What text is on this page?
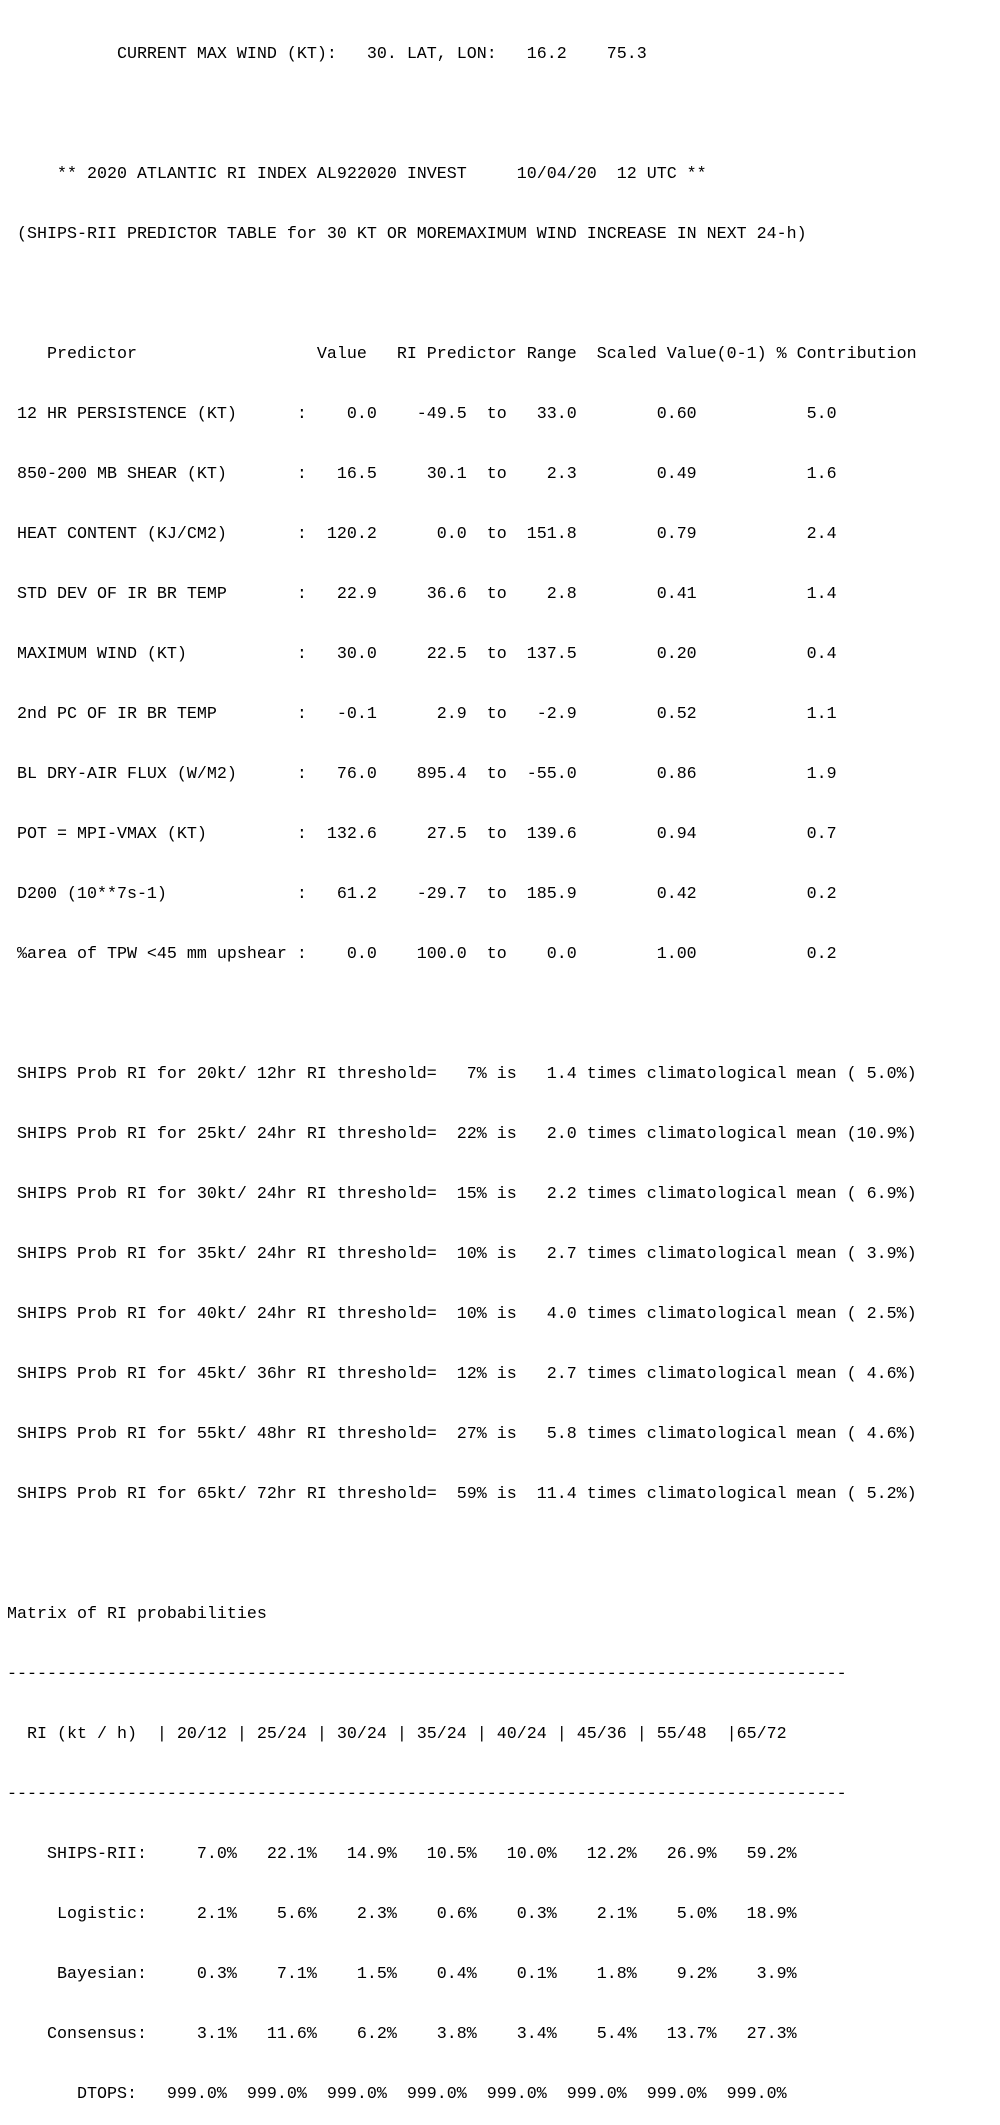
CURRENT MAX WIND (KT):   30. LAT, LON:   16.2    75.3

** 2020 ATLANTIC RI INDEX AL922020 INVEST     10/04/20  12 UTC **

(SHIPS-RII PREDICTOR TABLE for 30 KT OR MOREMAXIMUM WIND INCREASE IN NEXT 24-h)

Predictor                  Value   RI Predictor Range  Scaled Value(0-1) % Contribution

12 HR PERSISTENCE (KT)      :    0.0    -49.5  to   33.0        0.60           5.0

850-200 MB SHEAR (KT)       :   16.5     30.1  to    2.3        0.49           1.6

HEAT CONTENT (KJ/CM2)       :  120.2      0.0  to  151.8        0.79           2.4

STD DEV OF IR BR TEMP       :   22.9     36.6  to    2.8        0.41           1.4

MAXIMUM WIND (KT)           :   30.0     22.5  to  137.5        0.20           0.4

2nd PC OF IR BR TEMP        :   -0.1      2.9  to   -2.9        0.52           1.1

BL DRY-AIR FLUX (W/M2)      :   76.0    895.4  to  -55.0        0.86           1.9

POT = MPI-VMAX (KT)         :  132.6     27.5  to  139.6        0.94           0.7

D200 (10**7s-1)             :   61.2    -29.7  to  185.9        0.42           0.2

%area of TPW <45 mm upshear :    0.0    100.0  to    0.0        1.00           0.2

SHIPS Prob RI for 20kt/ 12hr RI threshold=   7% is   1.4 times climatological mean ( 5.0%)

SHIPS Prob RI for 25kt/ 24hr RI threshold=  22% is   2.0 times climatological mean (10.9%)

SHIPS Prob RI for 30kt/ 24hr RI threshold=  15% is   2.2 times climatological mean ( 6.9%)

SHIPS Prob RI for 35kt/ 24hr RI threshold=  10% is   2.7 times climatological mean ( 3.9%)

SHIPS Prob RI for 40kt/ 24hr RI threshold=  10% is   4.0 times climatological mean ( 2.5%)

SHIPS Prob RI for 45kt/ 36hr RI threshold=  12% is   2.7 times climatological mean ( 4.6%)

SHIPS Prob RI for 55kt/ 48hr RI threshold=  27% is   5.8 times climatological mean ( 4.6%)

SHIPS Prob RI for 65kt/ 72hr RI threshold=  59% is  11.4 times climatological mean ( 5.2%)

Matrix of RI probabilities

------------------------------------------------------------------------------------

RI (kt / h)  | 20/12 | 25/24 | 30/24 | 35/24 | 40/24 | 45/36 | 55/48  |65/72

------------------------------------------------------------------------------------

SHIPS-RII:     7.0%   22.1%   14.9%   10.5%   10.0%   12.2%   26.9%   59.2%

Logistic:     2.1%    5.6%    2.3%    0.6%    0.3%    2.1%    5.0%   18.9%

Bayesian:     0.3%    7.1%    1.5%    0.4%    0.1%    1.8%    9.2%    3.9%

Consensus:     3.1%   11.6%    6.2%    3.8%    3.4%    5.4%   13.7%   27.3%

DTOPS:   999.0%  999.0%  999.0%  999.0%  999.0%  999.0%  999.0%  999.0%
